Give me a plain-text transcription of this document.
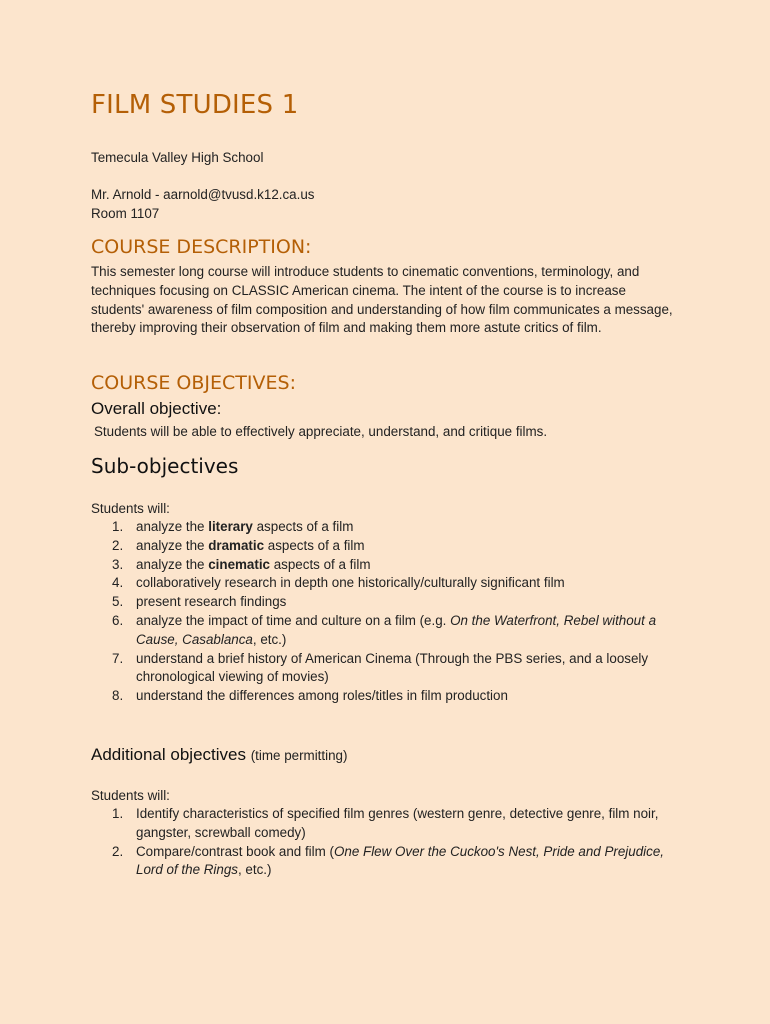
FILM STUDIES 1

Temecula Valley High School

Mr. Arnold - aarnold@tvusd.k12.ca.us

Room 1107

COURSE DESCRIPTION:

This semester long course will introduce students to cinematic conventions, terminology, and techniques focusing on CLASSIC American cinema. The intent of the course is to increase students' awareness of film composition and understanding of how film communicates a message, thereby improving their observation of film and making them more astute critics of film.

COURSE OBJECTIVES:
Overall objective:

Students will be able to effectively appreciate, understand, and critique films.

Sub-objectives

Students will:

1. analyze the literary aspects of a film
2. analyze the dramatic aspects of a film
3. analyze the cinematic aspects of a film
4. collaboratively research in depth one historically/culturally significant film
5. present research findings
6. analyze the impact of time and culture on a film (e.g. On the Waterfront, Rebel without a Cause, Casablanca, etc.)
7. understand a brief history of American Cinema (Through the PBS series, and a loosely chronological viewing of movies)
8. understand the differences among roles/titles in film production
Additional objectives (time permitting)

Students will:

1. Identify characteristics of specified film genres (western genre, detective genre, film noir, gangster, screwball comedy)
2. Compare/contrast book and film (One Flew Over the Cuckoo's Nest, Pride and Prejudice, Lord of the Rings, etc.)
